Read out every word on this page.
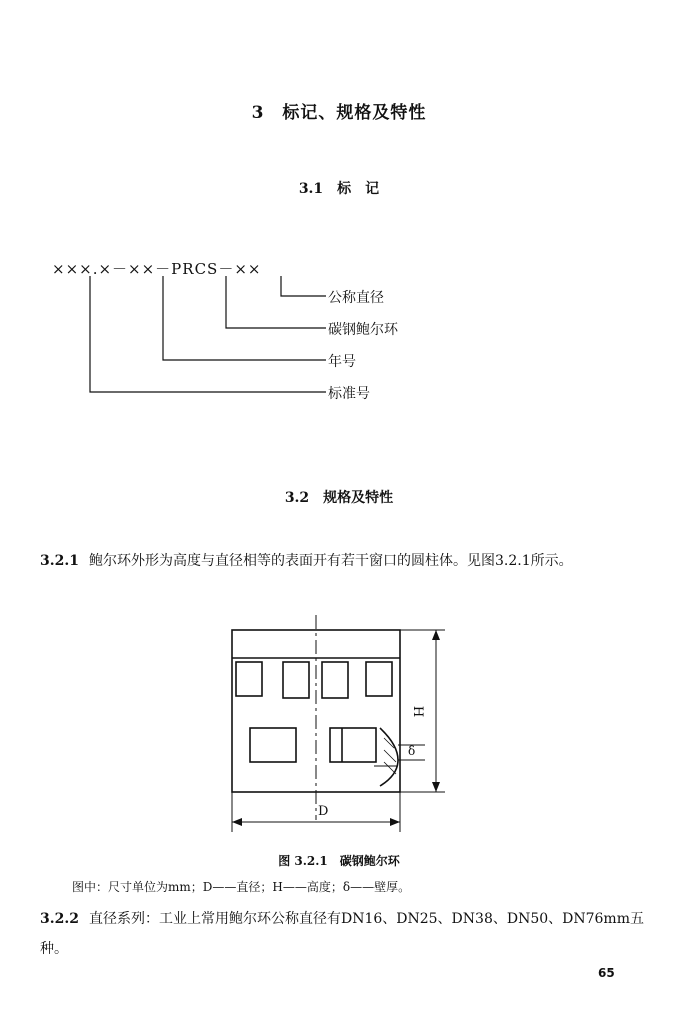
3　标记、规格及特性
3.1　标　记
×××.×－××－PRCS－××
公称直径
碳钢鲍尔环
年号
标准号
3.2　规格及特性
3.2.1 鲍尔环外形为高度与直径相等的表面开有若干窗口的圆柱体。见图3.2.1所示。
H
δ
D
图 3.2.1　碳钢鲍尔环
图中：尺寸单位为mm；D——直径；H——高度；δ——壁厚。
3.2.2 直径系列：工业上常用鲍尔环公称直径有DN16、DN25、DN38、DN50、DN76mm五种。
65
